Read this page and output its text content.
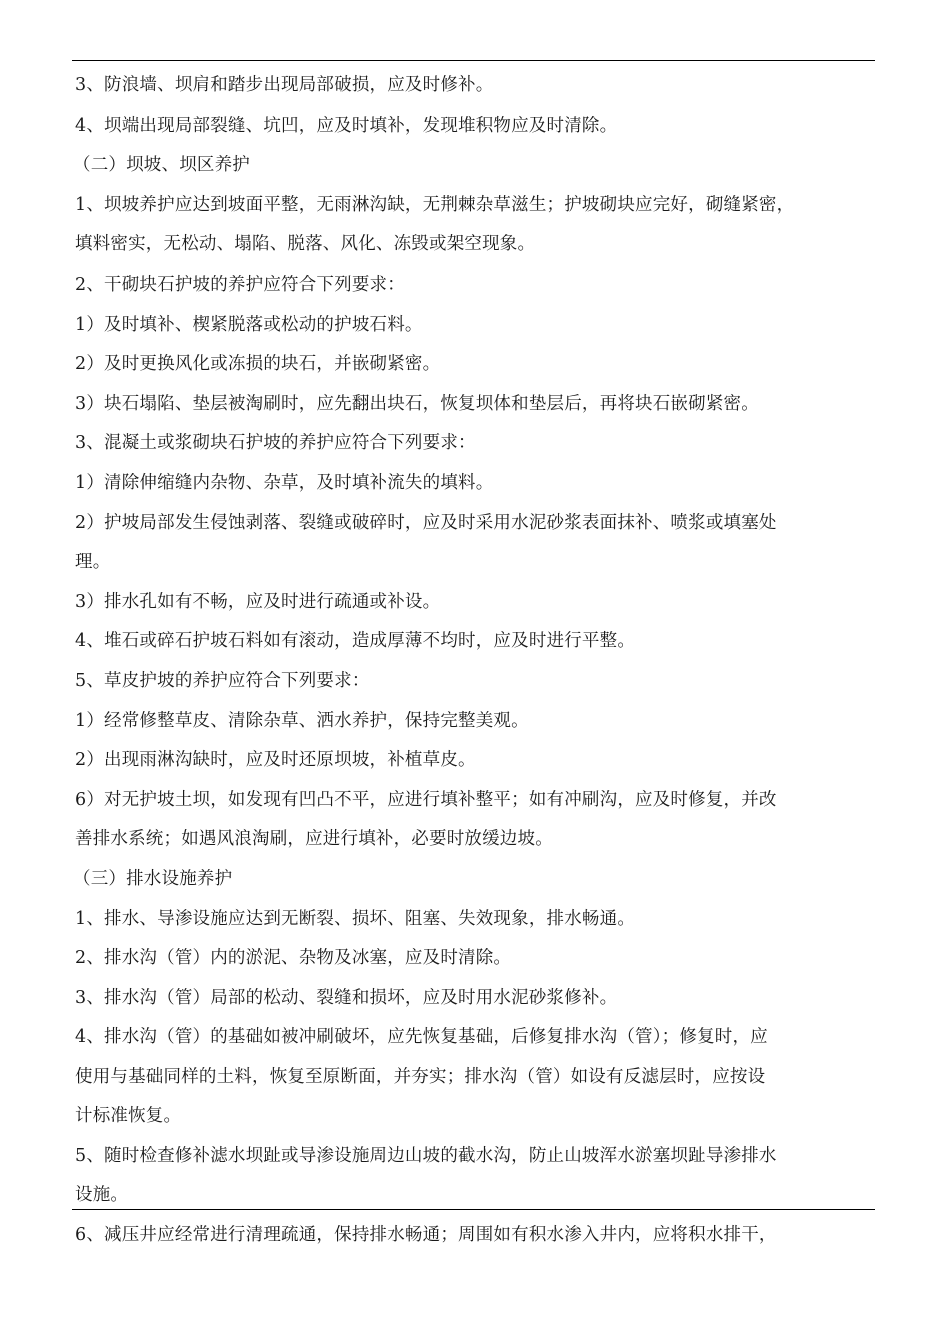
3、防浪墙、坝肩和踏步出现局部破损，应及时修补。
4、坝端出现局部裂缝、坑凹，应及时填补，发现堆积物应及时清除。
（二）坝坡、坝区养护
1、坝坡养护应达到坡面平整，无雨淋沟缺，无荆棘杂草滋生；护坡砌块应完好，砌缝紧密，
填料密实，无松动、塌陷、脱落、风化、冻毁或架空现象。
2、干砌块石护坡的养护应符合下列要求：
1）及时填补、楔紧脱落或松动的护坡石料。
2）及时更换风化或冻损的块石，并嵌砌紧密。
3）块石塌陷、垫层被淘刷时，应先翻出块石，恢复坝体和垫层后，再将块石嵌砌紧密。
3、混凝土或浆砌块石护坡的养护应符合下列要求：
1）清除伸缩缝内杂物、杂草，及时填补流失的填料。
2）护坡局部发生侵蚀剥落、裂缝或破碎时，应及时采用水泥砂浆表面抹补、喷浆或填塞处
理。
3）排水孔如有不畅，应及时进行疏通或补设。
4、堆石或碎石护坡石料如有滚动，造成厚薄不均时，应及时进行平整。
5、草皮护坡的养护应符合下列要求：
1）经常修整草皮、清除杂草、洒水养护，保持完整美观。
2）出现雨淋沟缺时，应及时还原坝坡，补植草皮。
6）对无护坡土坝，如发现有凹凸不平，应进行填补整平；如有冲刷沟，应及时修复，并改
善排水系统；如遇风浪淘刷，应进行填补，必要时放缓边坡。
（三）排水设施养护
1、排水、导渗设施应达到无断裂、损坏、阻塞、失效现象，排水畅通。
2、排水沟（管）内的淤泥、杂物及冰塞，应及时清除。
3、排水沟（管）局部的松动、裂缝和损坏，应及时用水泥砂浆修补。
4、排水沟（管）的基础如被冲刷破坏，应先恢复基础，后修复排水沟（管）；修复时，应
使用与基础同样的土料，恢复至原断面，并夯实；排水沟（管）如设有反滤层时，应按设
计标准恢复。
5、随时检查修补滤水坝趾或导渗设施周边山坡的截水沟，防止山坡浑水淤塞坝趾导渗排水
设施。
6、减压井应经常进行清理疏通，保持排水畅通；周围如有积水渗入井内，应将积水排干，
